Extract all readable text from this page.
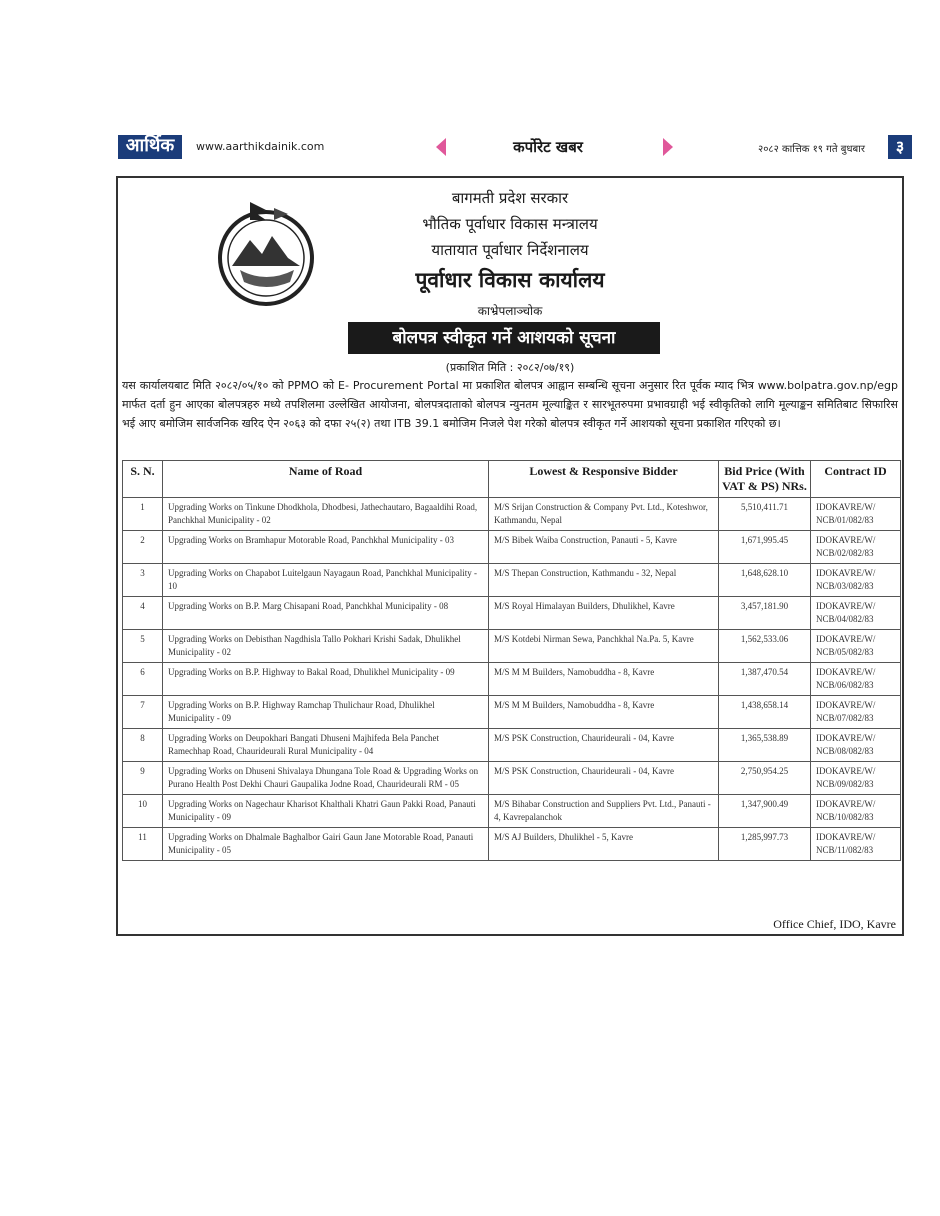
आर्थिक	www.aarthikdainik.com	कर्पोरेट खबर	२०८२ कात्तिक १९ गते बुधबार	३
बागमती प्रदेश सरकार
भौतिक पूर्वाधार विकास मन्त्रालय
यातायात पूर्वाधार निर्देशनालय
पूर्वाधार विकास कार्यालय
काभ्रेपलाञ्चोक
बोलपत्र स्वीकृत गर्ने आशयको सूचना
(प्रकाशित मिति : २०८२/०७/१९)
यस कार्यालयबाट मिति २०८२/०५/१० को PPMO को E- Procurement Portal मा प्रकाशित बोलपत्र आह्वान सम्बन्धि सूचना अनुसार रित पूर्वक म्याद भित्र www.bolpatra.gov.np/egp मार्फत दर्ता हुन आएका बोलपत्रहरु मध्ये तपशिलमा उल्लेखित आयोजना, बोलपत्रदाताको बोलपत्र न्युनतम मूल्याङ्कित र सारभूतरुपमा प्रभावग्राही भई स्वीकृतिको लागि मूल्याङ्कन समितिबाट सिफारिस भई आए बमोजिम सार्वजनिक खरिद ऐन २०६३ को दफा २५(२) तथा ITB 39.1 बमोजिम निजले पेश गरेको बोलपत्र स्वीकृत गर्ने आशयको सूचना प्रकाशित गरिएको छ।
S. N.	Name of Road	Lowest & Responsive Bidder	Bid Price (With VAT & PS) NRs.	Contract ID
1	Upgrading Works on Tinkune Dhodkhola, Dhodbesi, Jathechautaro, Bagaaldihi Road, Panchkhal Municipality - 02	M/S Srijan Construction & Company Pvt. Ltd., Koteshwor, Kathmandu, Nepal	5,510,411.71	IDOKAVRE/W/ NCB/01/082/83
2	Upgrading Works on Bramhapur Motorable Road, Panchkhal Municipality - 03	M/S Bibek Waiba Construction, Panauti - 5, Kavre	1,671,995.45	IDOKAVRE/W/ NCB/02/082/83
3	Upgrading Works on Chapabot Luitelgaun Nayagaun Road, Panchkhal Municipality - 10	M/S Thepan Construction, Kathmandu - 32, Nepal	1,648,628.10	IDOKAVRE/W/ NCB/03/082/83
4	Upgrading Works on B.P. Marg Chisapani Road, Panchkhal Municipality - 08	M/S Royal Himalayan Builders, Dhulikhel, Kavre	3,457,181.90	IDOKAVRE/W/ NCB/04/082/83
5	Upgrading Works on Debisthan Nagdhisla Tallo Pokhari Krishi Sadak, Dhulikhel Municipality - 02	M/S Kotdebi Nirman Sewa, Panchkhal Na.Pa. 5, Kavre	1,562,533.06	IDOKAVRE/W/ NCB/05/082/83
6	Upgrading Works on B.P. Highway to Bakal Road, Dhulikhel Municipality - 09	M/S M M Builders, Namobuddha - 8, Kavre	1,387,470.54	IDOKAVRE/W/ NCB/06/082/83
7	Upgrading Works on B.P. Highway Ramchap Thulichaur Road, Dhulikhel Municipality - 09	M/S M M Builders, Namobuddha - 8, Kavre	1,438,658.14	IDOKAVRE/W/ NCB/07/082/83
8	Upgrading Works on Deupokhari Bangati Dhuseni Majhifeda Bela Panchet Ramechhap Road, Chaurideurali Rural Municipality - 04	M/S PSK Construction, Chaurideurali - 04, Kavre	1,365,538.89	IDOKAVRE/W/ NCB/08/082/83
9	Upgrading Works on Dhuseni Shivalaya Dhungana Tole Road & Upgrading Works on Purano Health Post Dekhi Chauri Gaupalika Jodne Road, Chaurideurali RM - 05	M/S PSK Construction, Chaurideurali - 04, Kavre	2,750,954.25	IDOKAVRE/W/ NCB/09/082/83
10	Upgrading Works on Nagechaur Kharisot Khalthali Khatri Gaun Pakki Road, Panauti Municipality - 09	M/S Bihabar Construction and Suppliers Pvt. Ltd., Panauti - 4, Kavrepalanchok	1,347,900.49	IDOKAVRE/W/ NCB/10/082/83
11	Upgrading Works on Dhalmale Baghalbor Gairi Gaun Jane Motorable Road, Panauti Municipality - 05	M/S AJ Builders, Dhulikhel - 5, Kavre	1,285,997.73	IDOKAVRE/W/ NCB/11/082/83
Office Chief, IDO, Kavre
